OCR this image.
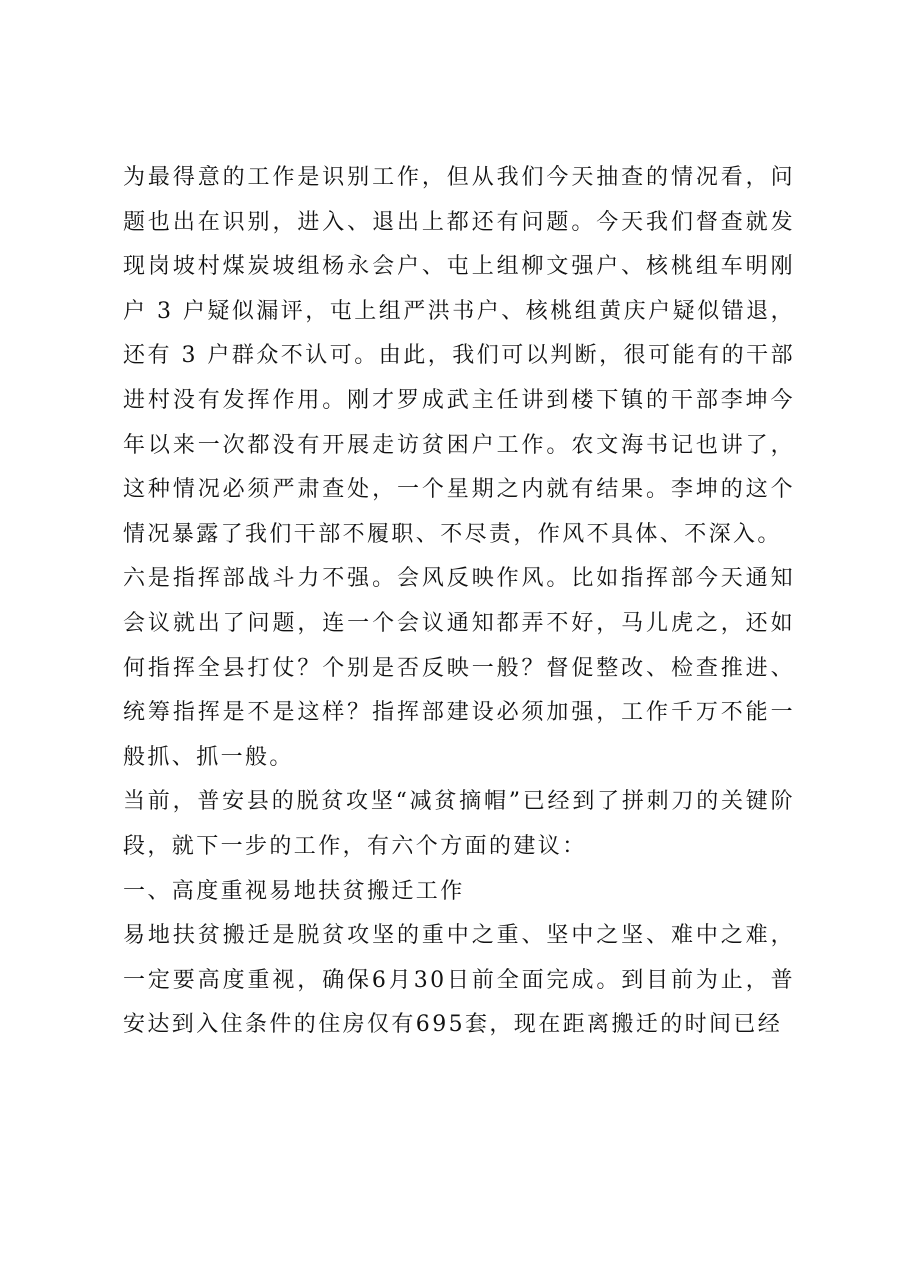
为最得意的工作是识别工作，但从我们今天抽查的情况看，问题也出在识别，进入、退出上都还有问题。今天我们督查就发现岗坡村煤炭坡组杨永会户、屯上组柳文强户、核桃组车明刚户 3 户疑似漏评，屯上组严洪书户、核桃组黄庆户疑似错退，还有 3 户群众不认可。由此，我们可以判断，很可能有的干部进村没有发挥作用。刚才罗成武主任讲到楼下镇的干部李坤今年以来一次都没有开展走访贫困户工作。农文海书记也讲了，这种情况必须严肃查处，一个星期之内就有结果。李坤的这个情况暴露了我们干部不履职、不尽责，作风不具体、不深入。

六是指挥部战斗力不强。会风反映作风。比如指挥部今天通知会议就出了问题，连一个会议通知都弄不好，马儿虎之，还如何指挥全县打仗？个别是否反映一般？督促整改、检查推进、统筹指挥是不是这样？指挥部建设必须加强，工作千万不能一般抓、抓一般。

当前，普安县的脱贫攻坚“减贫摘帽”已经到了拼刺刀的关键阶段，就下一步的工作，有六个方面的建议：

一、高度重视易地扶贫搬迁工作

易地扶贫搬迁是脱贫攻坚的重中之重、坚中之坚、难中之难，一定要高度重视，确保6月30日前全面完成。到目前为止，普安达到入住条件的住房仅有695套，现在距离搬迁的时间已经
